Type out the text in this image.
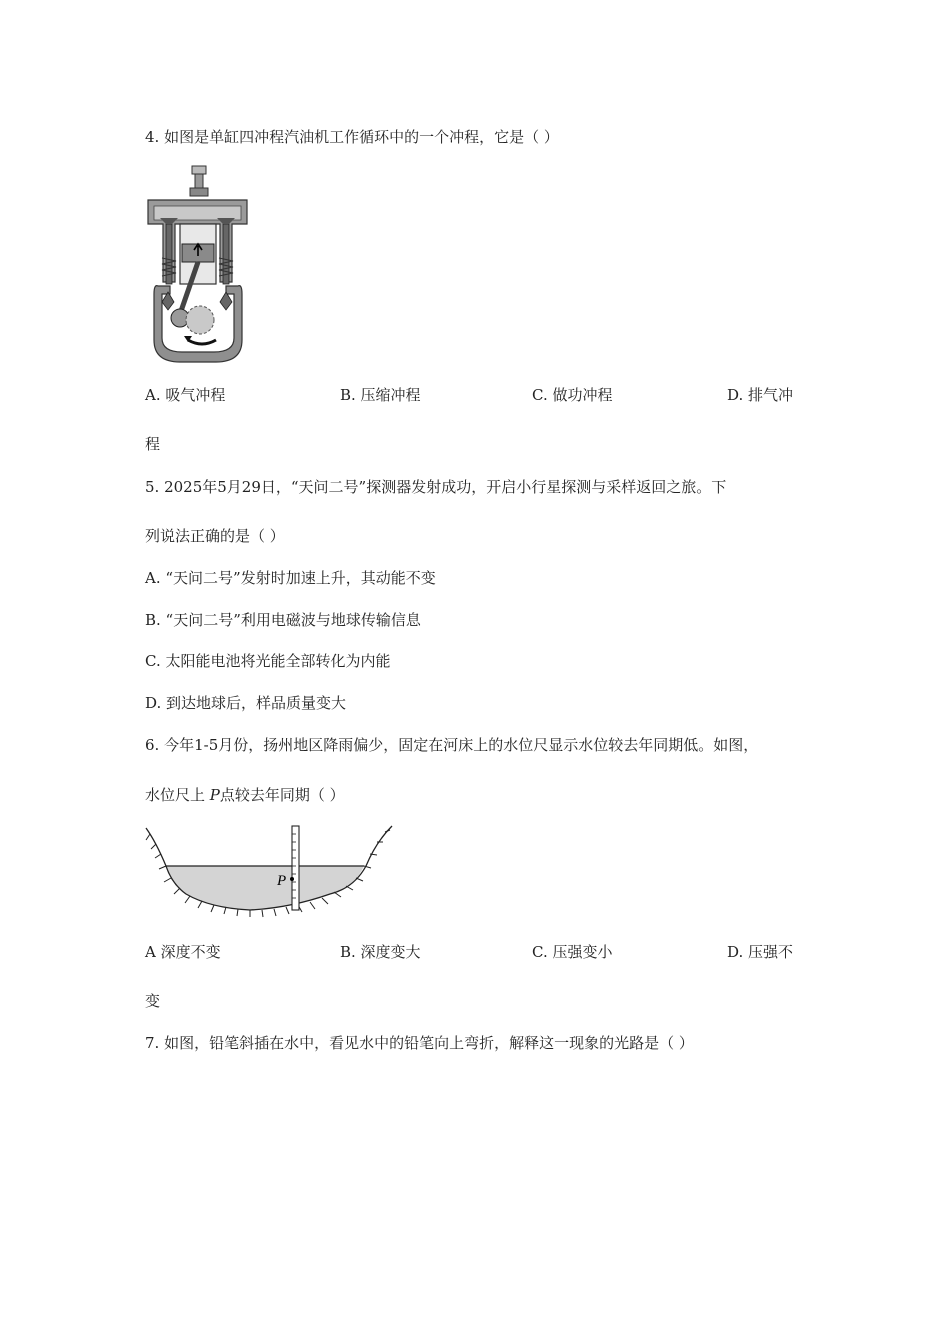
4. 如图是单缸四冲程汽油机工作循环中的一个冲程，它是（ ）
A. 吸气冲程	B. 压缩冲程	C. 做功冲程	D. 排气冲
程
5. 2025年5月29日，“天问二号”探测器发射成功，开启小行星探测与采样返回之旅。下
列说法正确的是（ ）
A. “天问二号”发射时加速上升，其动能不变
B. “天问二号”利用电磁波与地球传输信息
C. 太阳能电池将光能全部转化为内能
D. 到达地球后，样品质量变大
6. 今年1-5月份，扬州地区降雨偏少，固定在河床上的水位尺显示水位较去年同期低。如图，
水位尺上 P点较去年同期（ ）
P
A 深度不变	B. 深度变大	C. 压强变小	D. 压强不
变
7. 如图，铅笔斜插在水中，看见水中的铅笔向上弯折，解释这一现象的光路是（ ）
